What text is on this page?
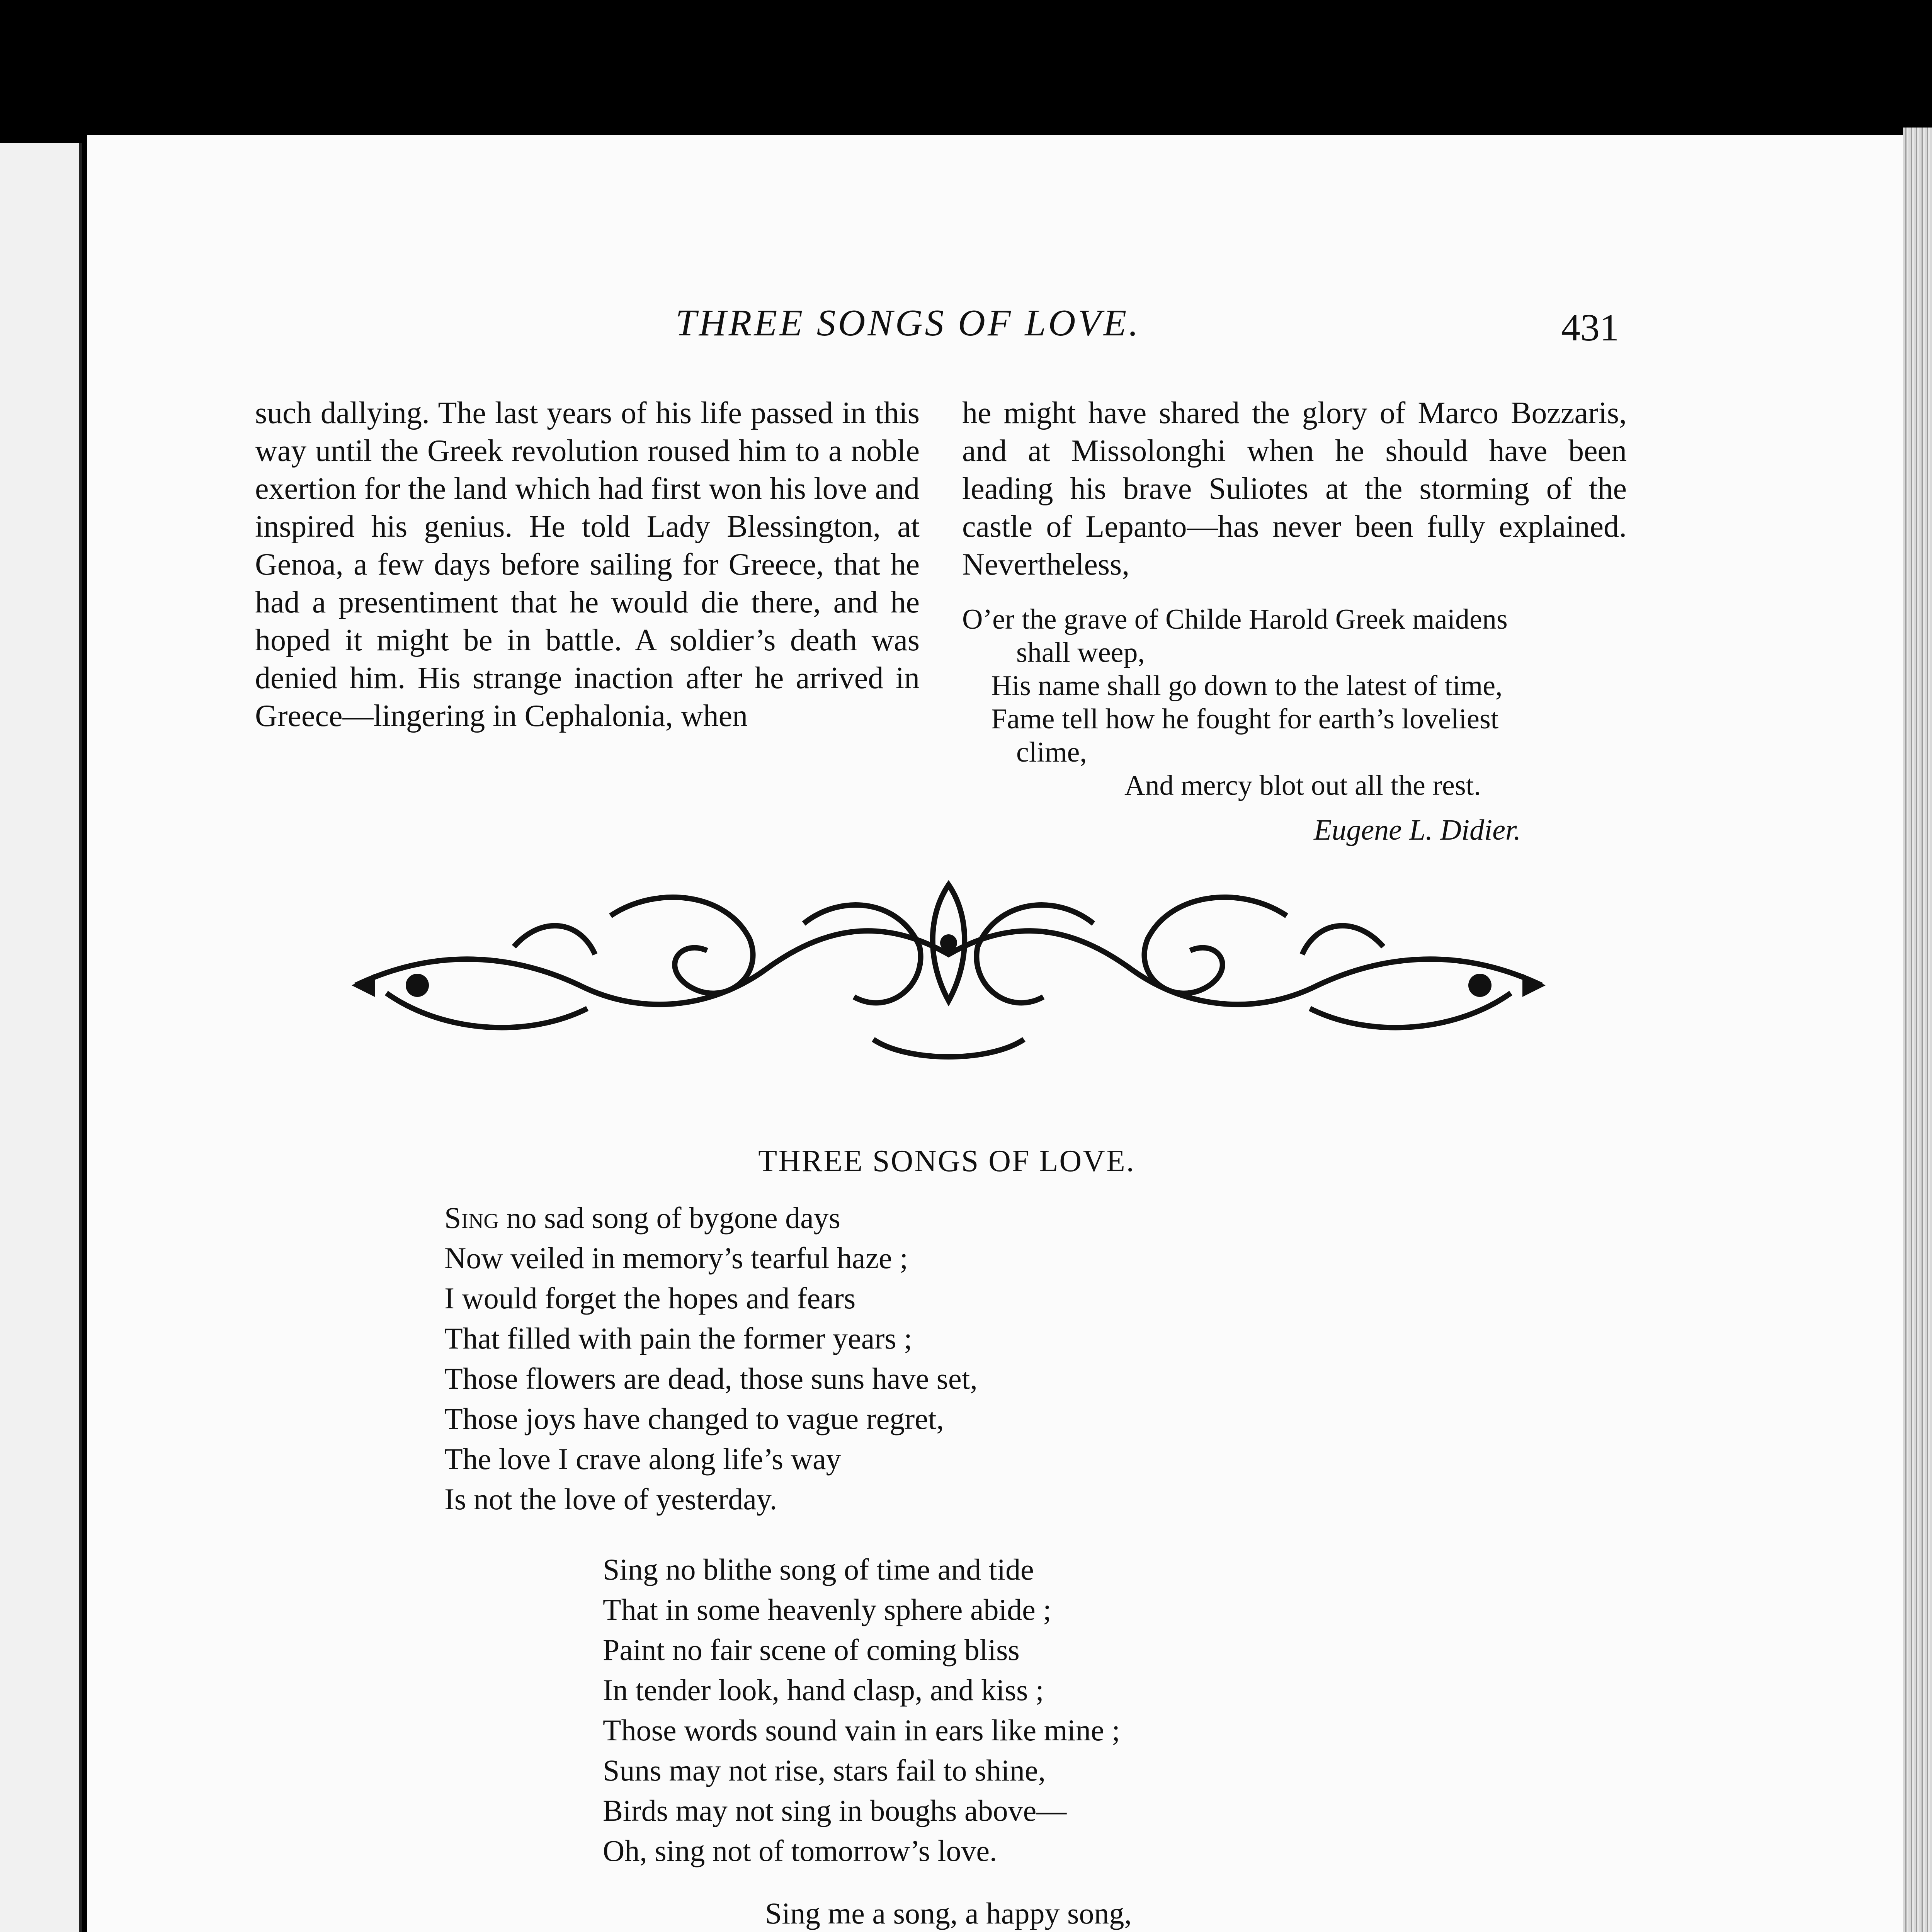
THREE SONGS OF LOVE.	431

such dallying. The last years of his life passed in this way until the Greek revolution roused him to a noble exertion for the land which had first won his love and inspired his genius. He told Lady Blessington, at Genoa, a few days before sailing for Greece, that he had a presentiment that he would die there, and he hoped it might be in battle. A soldier’s death was denied him. His strange inaction after he arrived in Greece—lingering in Cephalonia, when

he might have shared the glory of Marco Bozzaris, and at Missolonghi when he should have been leading his brave Suliotes at the storming of the castle of Lepanto—has never been fully explained. Nevertheless,

O’er the grave of Childe Harold Greek maidens
shall weep,
His name shall go down to the latest of time,
Fame tell how he fought for earth’s loveliest
clime,
And mercy blot out all the rest.
Eugene L. Didier.
THREE SONGS OF LOVE.
Sing no sad song of bygone days
Now veiled in memory’s tearful haze ;
I would forget the hopes and fears
That filled with pain the former years ;
Those flowers are dead, those suns have set,
Those joys have changed to vague regret,
The love I crave along life’s way
Is not the love of yesterday.
Sing no blithe song of time and tide
That in some heavenly sphere abide ;
Paint no fair scene of coming bliss
In tender look, hand clasp, and kiss ;
Those words sound vain in ears like mine ;
Suns may not rise, stars fail to shine,
Birds may not sing in boughs above—
Oh, sing not of tomorrow’s love.
Sing me a song, a happy song,
